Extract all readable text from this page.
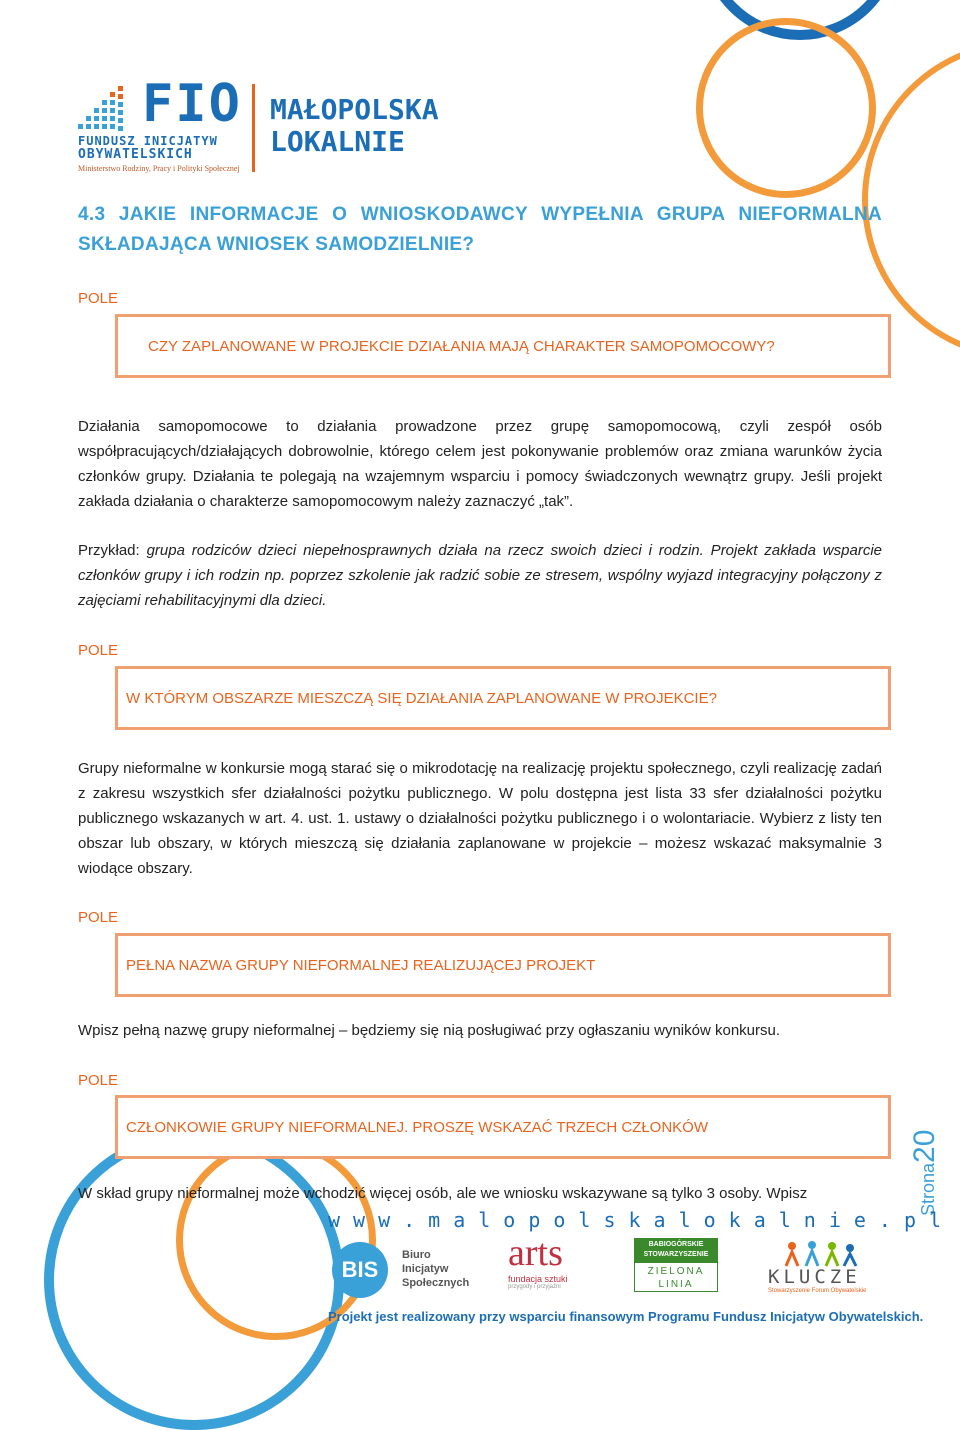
FIO
FUNDUSZ INICJATYW
OBYWATELSKICH
Ministerstwo Rodziny, Pracy i Polityki Społecznej
MAŁOPOLSKA
LOKALNIE
4.3 JAKIE INFORMACJE O WNIOSKODAWCY WYPEŁNIA GRUPA NIEFORMALNA SKŁADAJĄCA WNIOSEK SAMODZIELNIE?
POLE
CZY ZAPLANOWANE W PROJEKCIE DZIAŁANIA MAJĄ CHARAKTER SAMOPOMOCOWY?
Działania samopomocowe to działania prowadzone przez grupę samopomocową, czyli zespół osób współpracujących/działających dobrowolnie, którego celem jest pokonywanie problemów oraz zmiana warunków życia członków grupy. Działania te polegają na wzajemnym wsparciu i pomocy świadczonych wewnątrz grupy. Jeśli projekt zakłada działania o charakterze samopomocowym należy zaznaczyć „tak”.
Przykład: grupa rodziców dzieci niepełnosprawnych działa na rzecz swoich dzieci i rodzin. Projekt zakłada wsparcie członków grupy i ich rodzin np. poprzez szkolenie jak radzić sobie ze stresem, wspólny wyjazd integracyjny połączony z zajęciami rehabilitacyjnymi dla dzieci.
POLE
W KTÓRYM OBSZARZE MIESZCZĄ SIĘ DZIAŁANIA ZAPLANOWANE W PROJEKCIE?
Grupy nieformalne w konkursie mogą starać się o mikrodotację na realizację projektu społecznego, czyli realizację zadań z zakresu wszystkich sfer działalności pożytku publicznego. W polu dostępna jest lista 33 sfer działalności pożytku publicznego wskazanych w art. 4. ust. 1. ustawy o działalności pożytku publicznego i o wolontariacie. Wybierz z listy ten obszar lub obszary, w których mieszczą się działania zaplanowane w projekcie – możesz wskazać maksymalnie 3 wiodące obszary.
POLE
PEŁNA NAZWA GRUPY NIEFORMALNEJ REALIZUJĄCEJ PROJEKT
Wpisz pełną nazwę grupy nieformalnej – będziemy się nią posługiwać przy ogłaszaniu wyników konkursu.
POLE
CZŁONKOWIE GRUPY NIEFORMALNEJ. PROSZĘ WSKAZAĆ TRZECH CZŁONKÓW
W skład grupy nieformalnej może wchodzić więcej osób, ale we wniosku wskazywane są tylko 3 osoby. Wpisz	Strona20
www.malopolskalokalnie.pl
BIS
Biuro
Inicjatyw
Społecznych
arts
fundacja sztuki
przygody i przyjaźni
BABIOGÓRSKIE
STOWARZYSZENIE
ZIELONA
LINIA	KLUCZE
Stowarzyszenie Forum Obywatelskie
Projekt jest realizowany przy wsparciu finansowym Programu Fundusz Inicjatyw Obywatelskich.
